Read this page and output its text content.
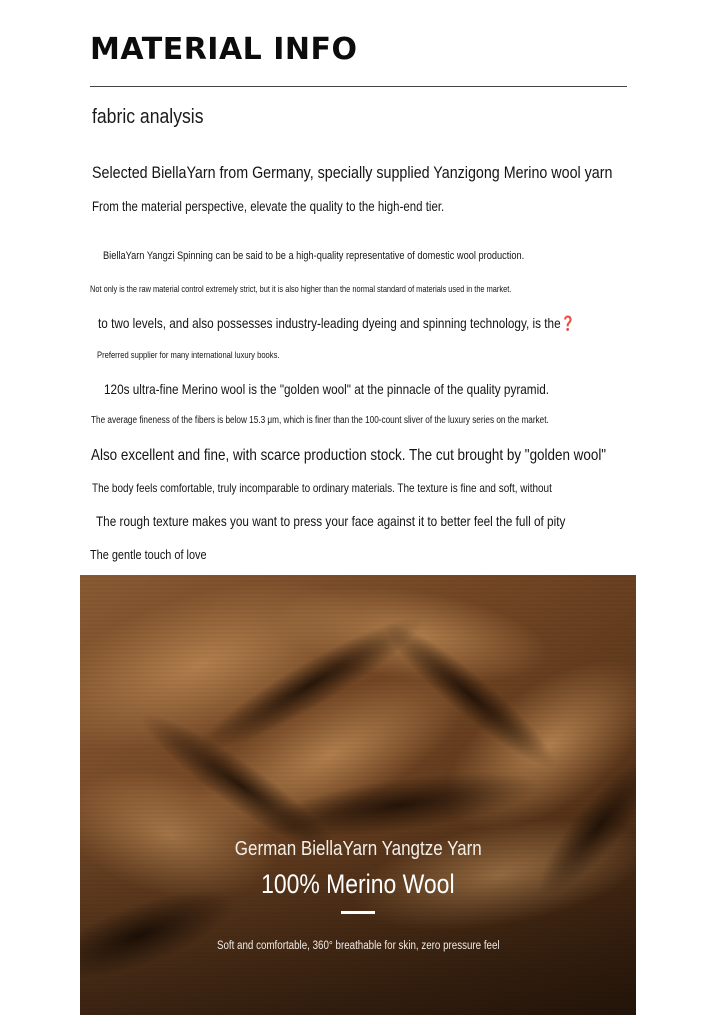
MATERIAL INFO
fabric analysis
Selected BiellaYarn from Germany, specially supplied Yanzigong Merino wool yarn
From the material perspective, elevate the quality to the high-end tier.
BiellaYarn Yangzi Spinning can be said to be a high-quality representative of domestic wool production.
Not only is the raw material control extremely strict, but it is also higher than the normal standard of materials used in the market.
to two levels, and also possesses industry-leading dyeing and spinning technology, is the❓
Preferred supplier for many international luxury books.
120s ultra-fine Merino wool is the "golden wool" at the pinnacle of the quality pyramid.
The average fineness of the fibers is below 15.3 μm, which is finer than the 100-count sliver of the luxury series on the market.
Also excellent and fine, with scarce production stock. The cut brought by "golden wool"
The body feels comfortable, truly incomparable to ordinary materials. The texture is fine and soft, without
The rough texture makes you want to press your face against it to better feel the full of pity
The gentle touch of love
German BiellaYarn Yangtze Yarn
100% Merino Wool
Soft and comfortable, 360° breathable for skin, zero pressure feel
